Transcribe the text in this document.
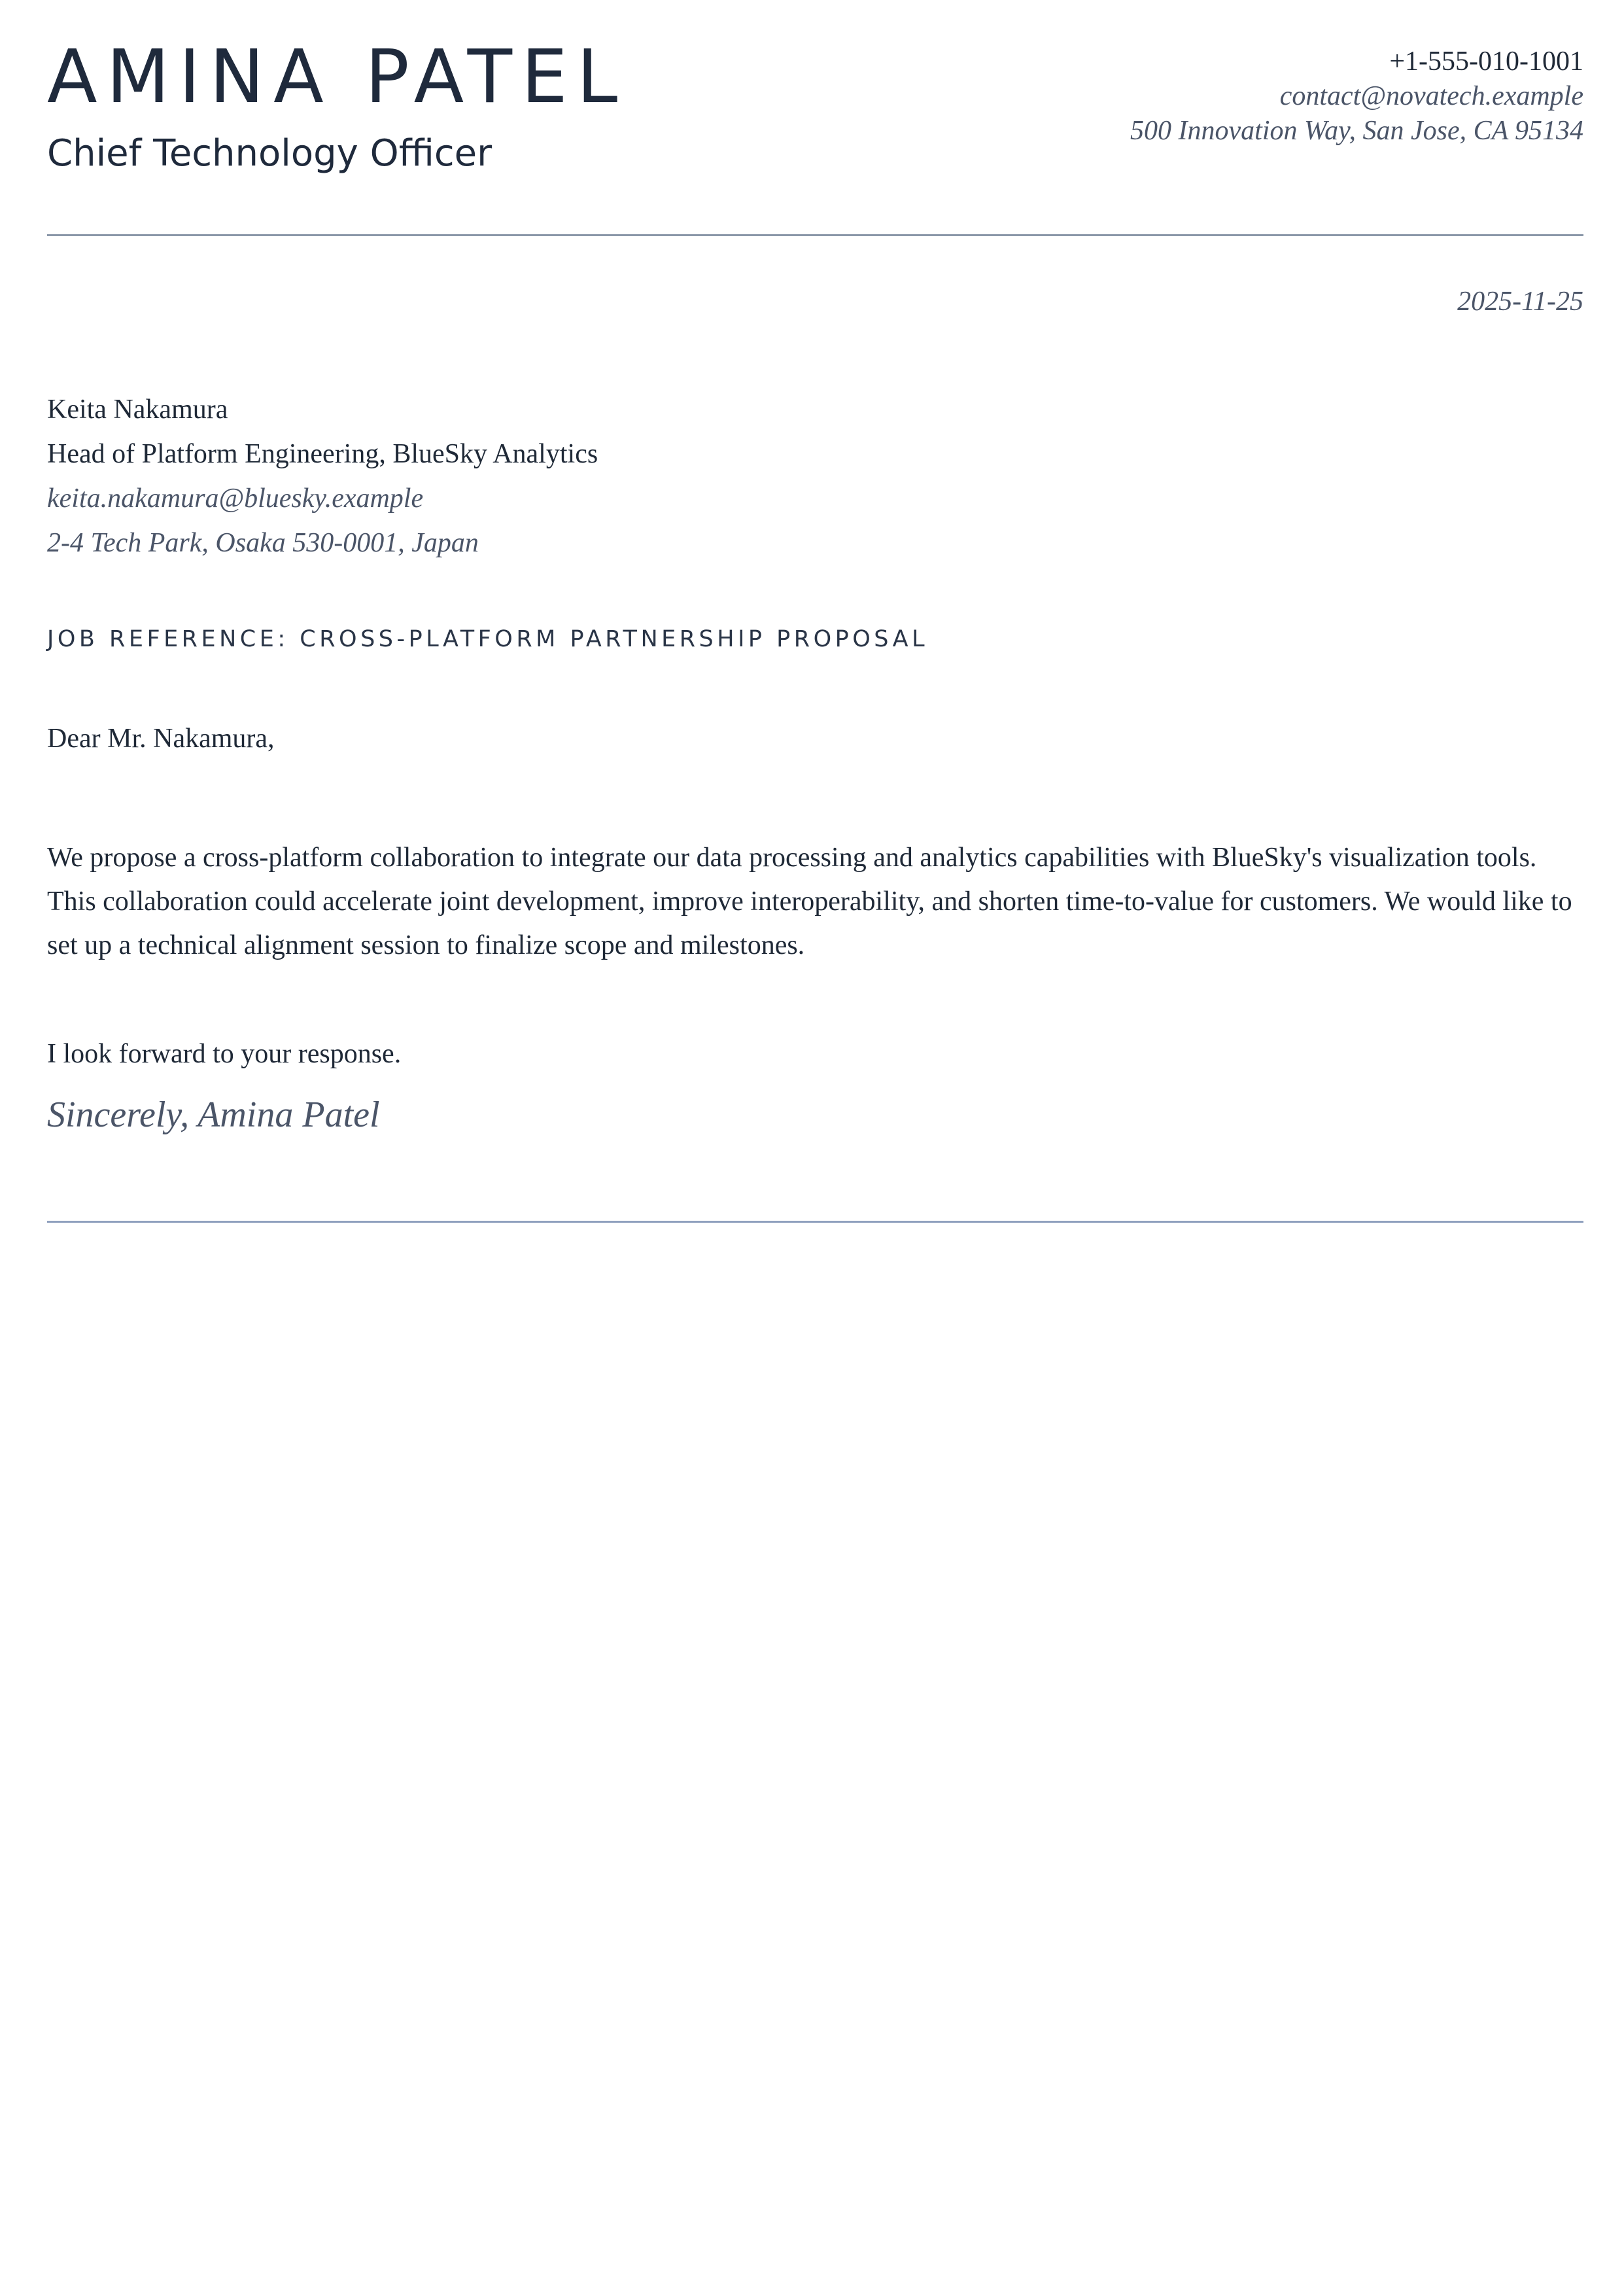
AMINA PATEL
Chief Technology Officer
+1-555-010-1001
contact@novatech.example
500 Innovation Way, San Jose, CA 95134
2025-11-25
Keita Nakamura
Head of Platform Engineering, BlueSky Analytics
keita.nakamura@bluesky.example
2-4 Tech Park, Osaka 530-0001, Japan
JOB REFERENCE: CROSS-PLATFORM PARTNERSHIP PROPOSAL
Dear Mr. Nakamura,

We propose a cross-platform collaboration to integrate our data processing and analytics capabilities with BlueSky's visualization tools. This collaboration could accelerate joint development, improve interoperability, and shorten time-to-value for customers. We would like to set up a technical alignment session to finalize scope and milestones.

I look forward to your response.
Sincerely, Amina Patel
